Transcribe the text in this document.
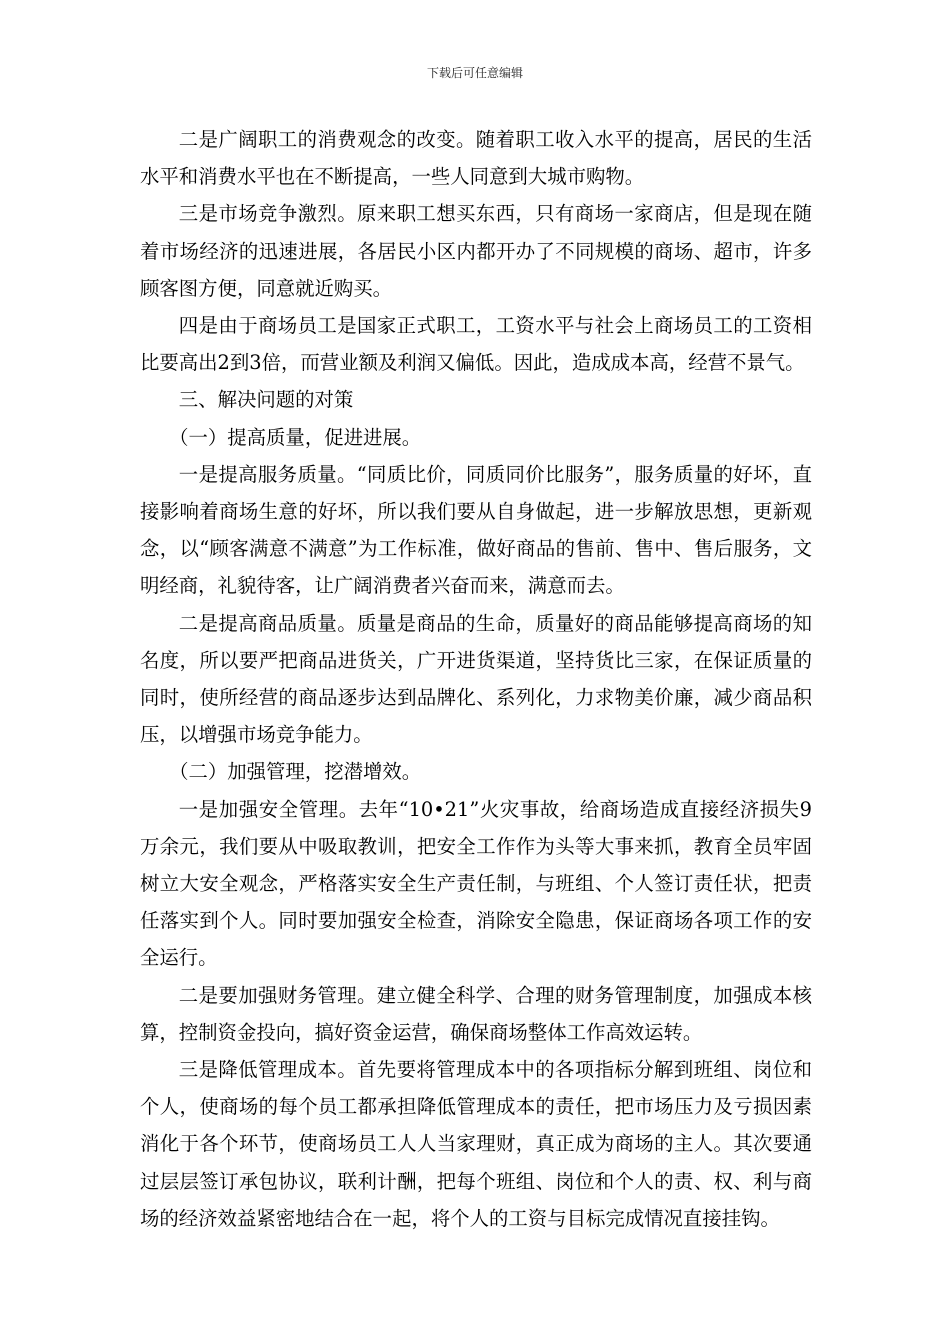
下载后可任意编辑

二是广阔职工的消费观念的改变。随着职工收入水平的提高，居民的生活水平和消费水平也在不断提高，一些人同意到大城市购物。

三是市场竞争激烈。原来职工想买东西，只有商场一家商店，但是现在随着市场经济的迅速进展，各居民小区内都开办了不同规模的商场、超市，许多顾客图方便，同意就近购买。

四是由于商场员工是国家正式职工，工资水平与社会上商场员工的工资相比要高出2到3倍，而营业额及利润又偏低。因此，造成成本高，经营不景气。

三、解决问题的对策

（一）提高质量，促进进展。

一是提高服务质量。“同质比价，同质同价比服务”，服务质量的好坏，直接影响着商场生意的好坏，所以我们要从自身做起，进一步解放思想，更新观念，以“顾客满意不满意”为工作标准，做好商品的售前、售中、售后服务，文明经商，礼貌待客，让广阔消费者兴奋而来，满意而去。

二是提高商品质量。质量是商品的生命，质量好的商品能够提高商场的知名度，所以要严把商品进货关，广开进货渠道，坚持货比三家，在保证质量的同时，使所经营的商品逐步达到品牌化、系列化，力求物美价廉，减少商品积压，以增强市场竞争能力。

（二）加强管理，挖潜增效。

一是加强安全管理。去年“10•21”火灾事故，给商场造成直接经济损失9万余元，我们要从中吸取教训，把安全工作作为头等大事来抓，教育全员牢固树立大安全观念，严格落实安全生产责任制，与班组、个人签订责任状，把责任落实到个人。同时要加强安全检查，消除安全隐患，保证商场各项工作的安全运行。

二是要加强财务管理。建立健全科学、合理的财务管理制度，加强成本核算，控制资金投向，搞好资金运营，确保商场整体工作高效运转。

三是降低管理成本。首先要将管理成本中的各项指标分解到班组、岗位和个人，使商场的每个员工都承担降低管理成本的责任，把市场压力及亏损因素消化于各个环节，使商场员工人人当家理财，真正成为商场的主人。其次要通过层层签订承包协议，联利计酬，把每个班组、岗位和个人的责、权、利与商场的经济效益紧密地结合在一起，将个人的工资与目标完成情况直接挂钩。
